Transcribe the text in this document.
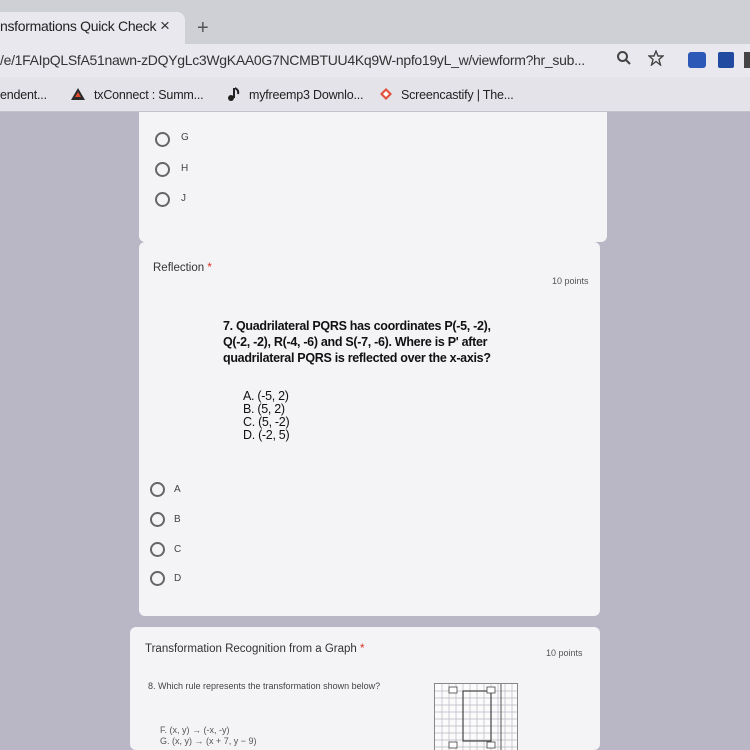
nsformations Quick Check × +
/e/1FAIpQLSfA51nawn-zDQYgLc3WgKAA0G7NCMBTUU4Kq9W-npfo19yL_w/viewform?hr_sub...
endent...	txConnect : Summ...	myfreemp3 Downlo...	Screencastify | The...
G
H
J
Reflection *
10 points
7. Quadrilateral PQRS has coordinates P(-5, -2),
Q(-2, -2), R(-4, -6) and S(-7, -6). Where is P' after
quadrilateral PQRS is reflected over the x-axis?
A. (-5, 2)
B. (5, 2)
C. (5, -2)
D. (-2, 5)
A
B
C
D
Transformation Recognition from a Graph *	10 points
8. Which rule represents the transformation shown below?
F. (x, y) → (-x, -y)
G. (x, y) → (x + 7, y − 9)
